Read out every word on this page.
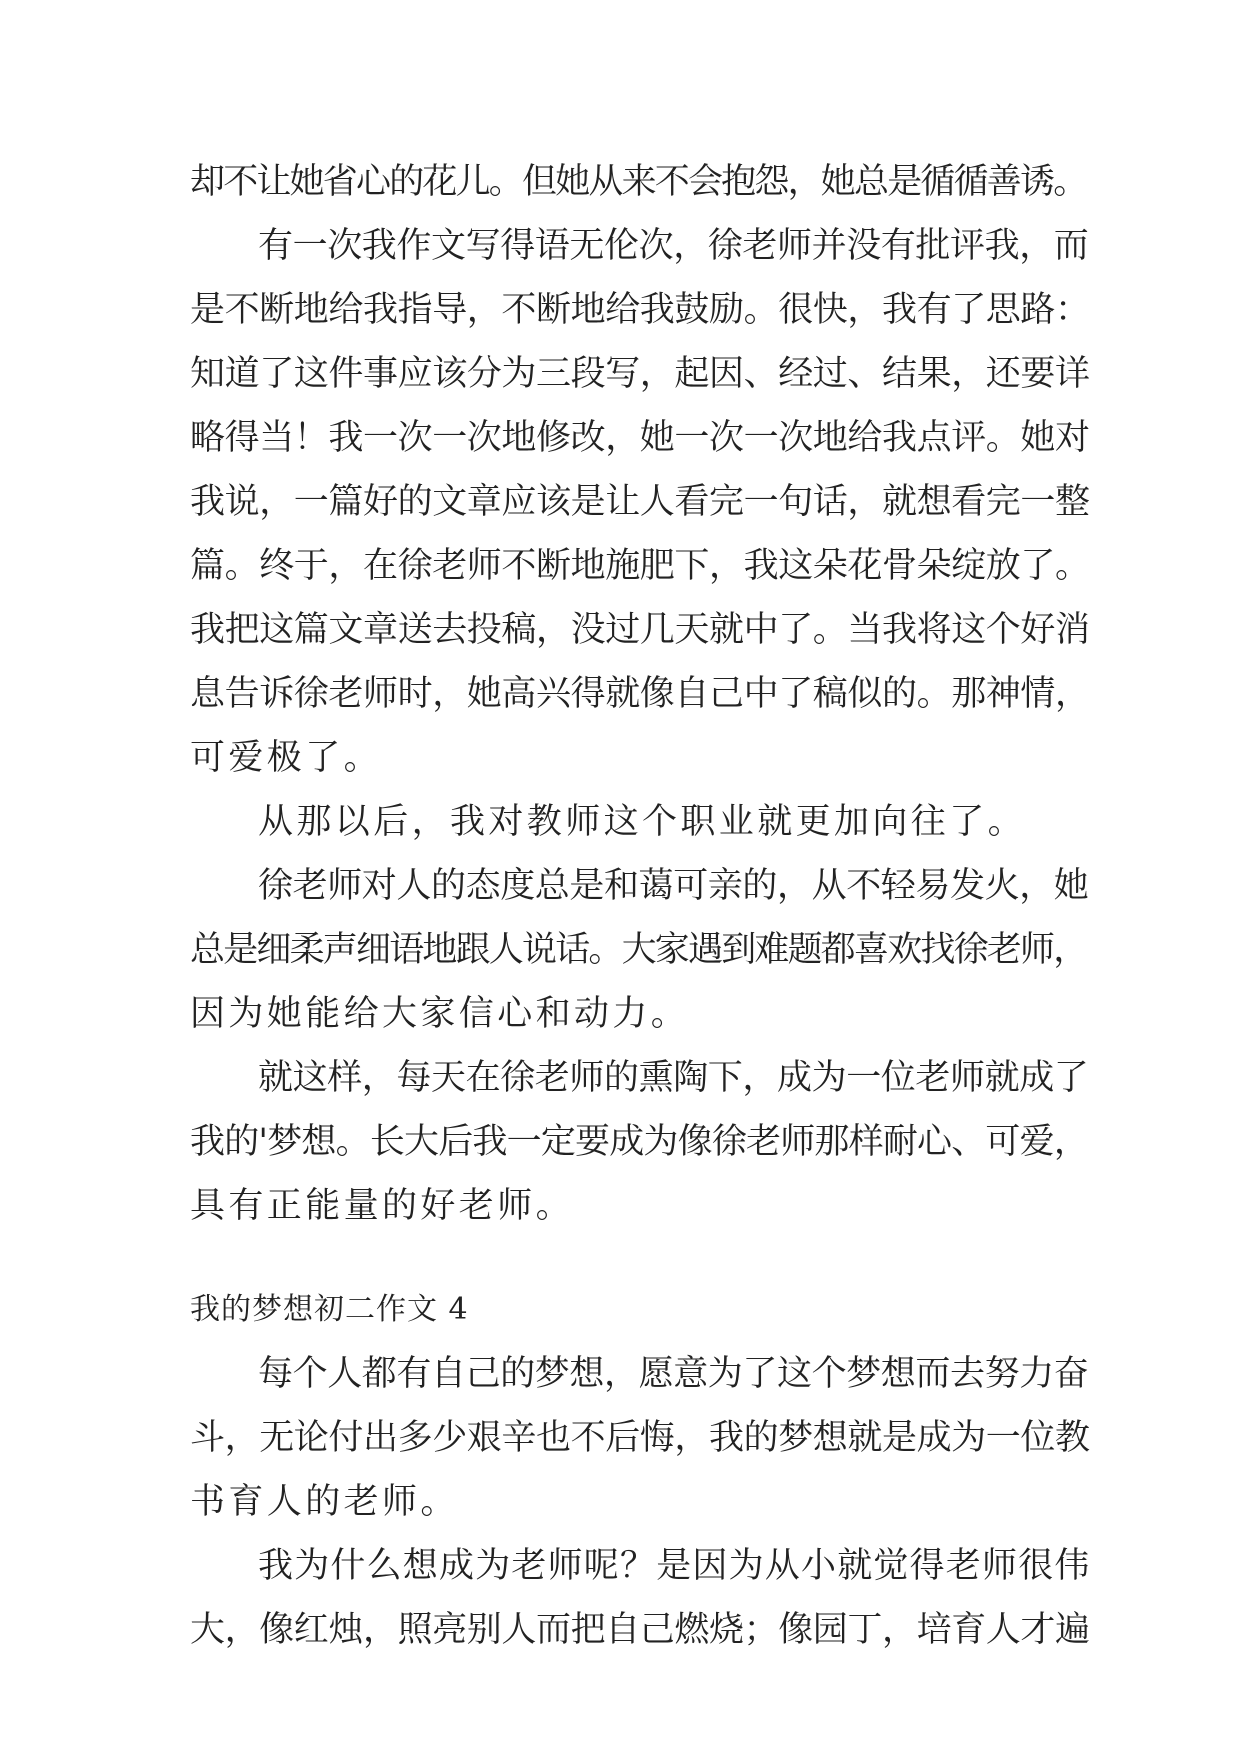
却不让她省心的花儿。但她从来不会抱怨，她总是循循善诱。
有一次我作文写得语无伦次，徐老师并没有批评我，而
是不断地给我指导，不断地给我鼓励。很快，我有了思路：
知道了这件事应该分为三段写，起因、经过、结果，还要详
略得当！我一次一次地修改，她一次一次地给我点评。她对
我说，一篇好的文章应该是让人看完一句话，就想看完一整
篇。终于，在徐老师不断地施肥下，我这朵花骨朵绽放了。
我把这篇文章送去投稿，没过几天就中了。当我将这个好消
息告诉徐老师时，她高兴得就像自己中了稿似的。那神情，
可爱极了。
从那以后，我对教师这个职业就更加向往了。
徐老师对人的态度总是和蔼可亲的，从不轻易发火，她
总是细柔声细语地跟人说话。大家遇到难题都喜欢找徐老师，
因为她能给大家信心和动力。
就这样，每天在徐老师的熏陶下，成为一位老师就成了
我的'梦想。长大后我一定要成为像徐老师那样耐心、可爱，
具有正能量的好老师。
我的梦想初二作文 4
每个人都有自己的梦想，愿意为了这个梦想而去努力奋
斗，无论付出多少艰辛也不后悔，我的梦想就是成为一位教
书育人的老师。
我为什么想成为老师呢？是因为从小就觉得老师很伟
大，像红烛，照亮别人而把自己燃烧；像园丁，培育人才遍
